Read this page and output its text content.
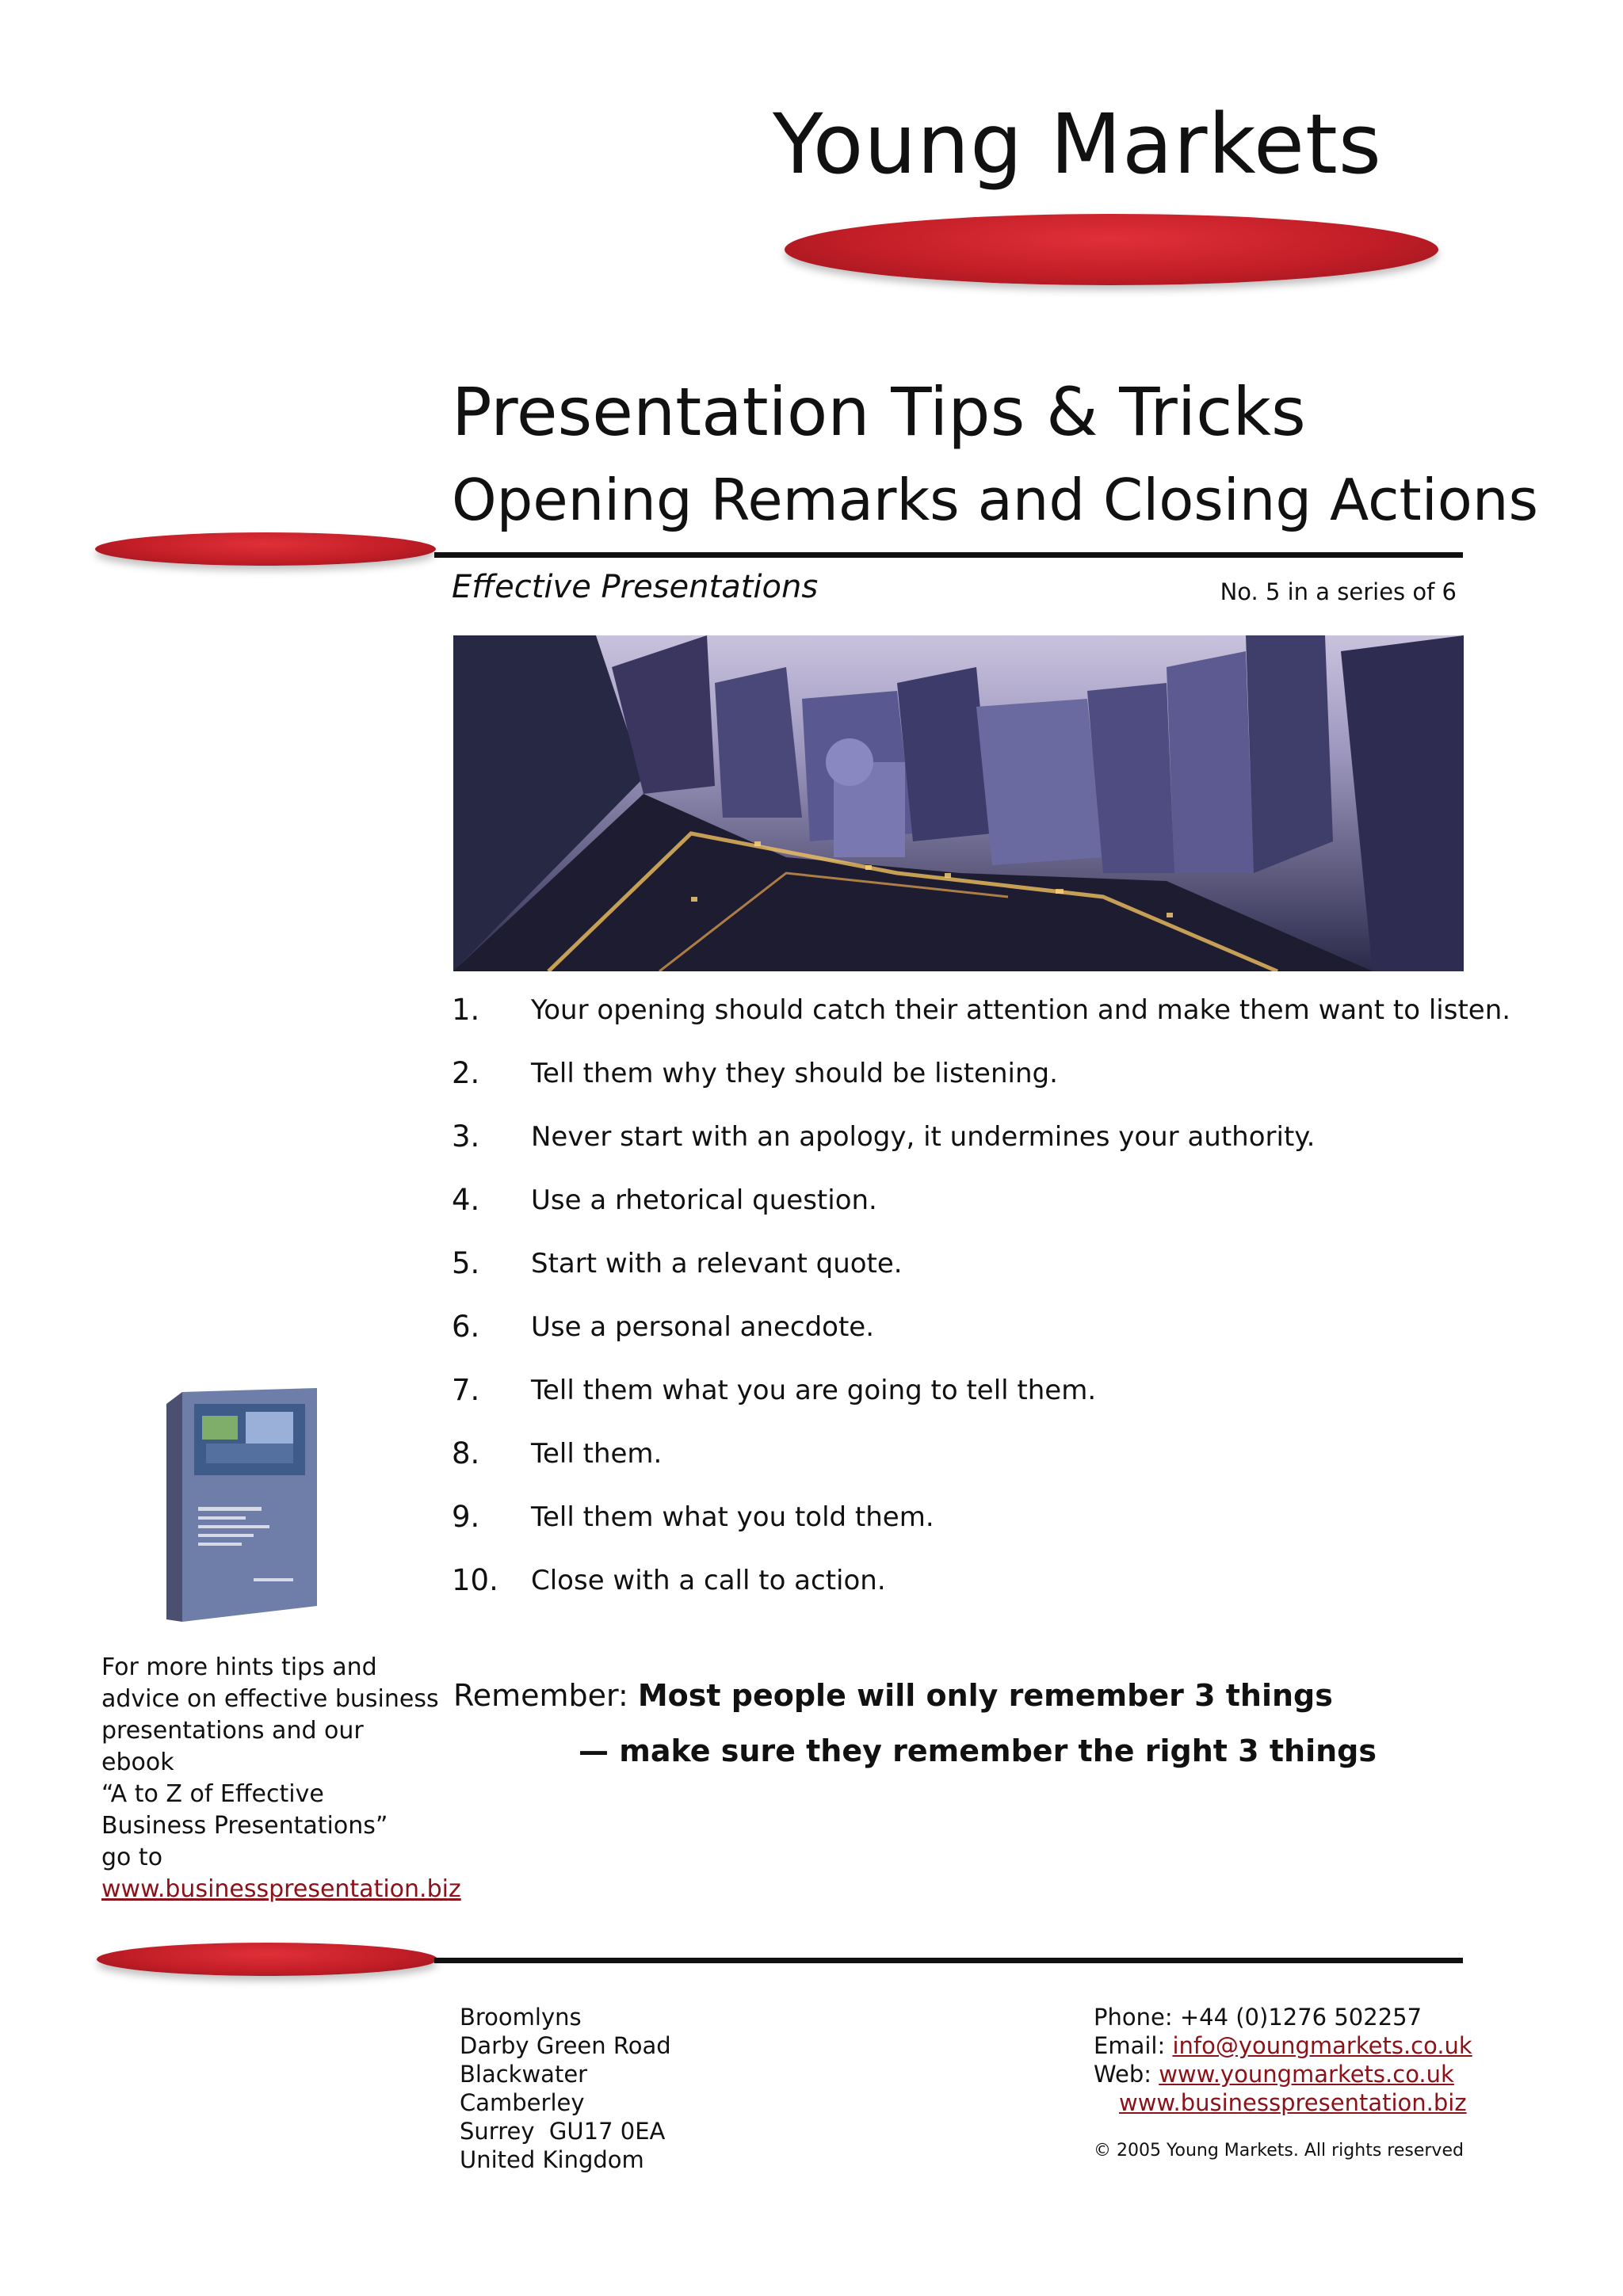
Young Markets
Presentation Tips & Tricks
Opening Remarks and Closing Actions
Effective Presentations	No. 5 in a series of 6
1. Your opening should catch their attention and make them want to listen.
2. Tell them why they should be listening.
3. Never start with an apology, it undermines your authority.
4. Use a rhetorical question.
5. Start with a relevant quote.
6. Use a personal anecdote.
7. Tell them what you are going to tell them.
8. Tell them.
9. Tell them what you told them.
10. Close with a call to action.
For more hints tips and
advice on effective business
presentations and our ebook
“A to Z of Effective
Business Presentations”
go to
www.businesspresentation.biz
Remember: Most people will only remember 3 things
— make sure they remember the right 3 things
Broomlyns
Darby Green Road
Blackwater
Camberley
Surrey  GU17 0EA
United Kingdom
Phone: +44 (0)1276 502257
Email: info@youngmarkets.co.uk
Web: www.youngmarkets.co.uk
www.businesspresentation.biz
© 2005 Young Markets. All rights reserved
